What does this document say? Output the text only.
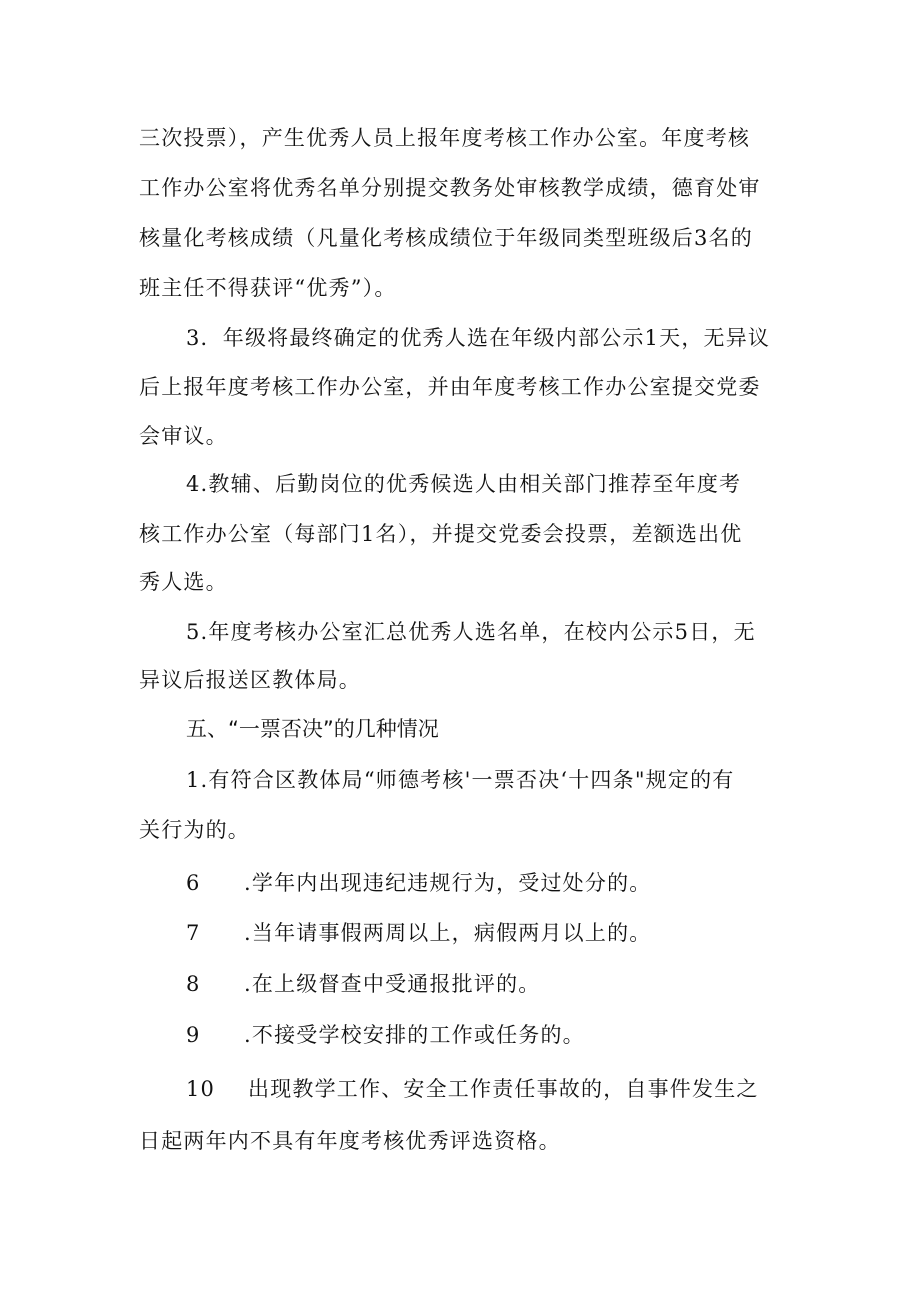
三次投票），产生优秀人员上报年度考核工作办公室。年度考核
工作办公室将优秀名单分别提交教务处审核教学成绩，德育处审
核量化考核成绩（凡量化考核成绩位于年级同类型班级后3名的
班主任不得获评“优秀”）。
3．年级将最终确定的优秀人选在年级内部公示1天，无异议
后上报年度考核工作办公室，并由年度考核工作办公室提交党委
会审议。
4.教辅、后勤岗位的优秀候选人由相关部门推荐至年度考
核工作办公室（每部门1名），并提交党委会投票，差额选出优
秀人选。
5.年度考核办公室汇总优秀人选名单，在校内公示5日，无
异议后报送区教体局。
五、“一票否决”的几种情况
1.有符合区教体局“师德考核'一票否决‘十四条"规定的有
关行为的。
6 .学年内出现违纪违规行为，受过处分的。
7 .当年请事假两周以上，病假两月以上的。
8 .在上级督查中受通报批评的。
9 .不接受学校安排的工作或任务的。
10 出现教学工作、安全工作责任事故的，自事件发生之
日起两年内不具有年度考核优秀评选资格。
